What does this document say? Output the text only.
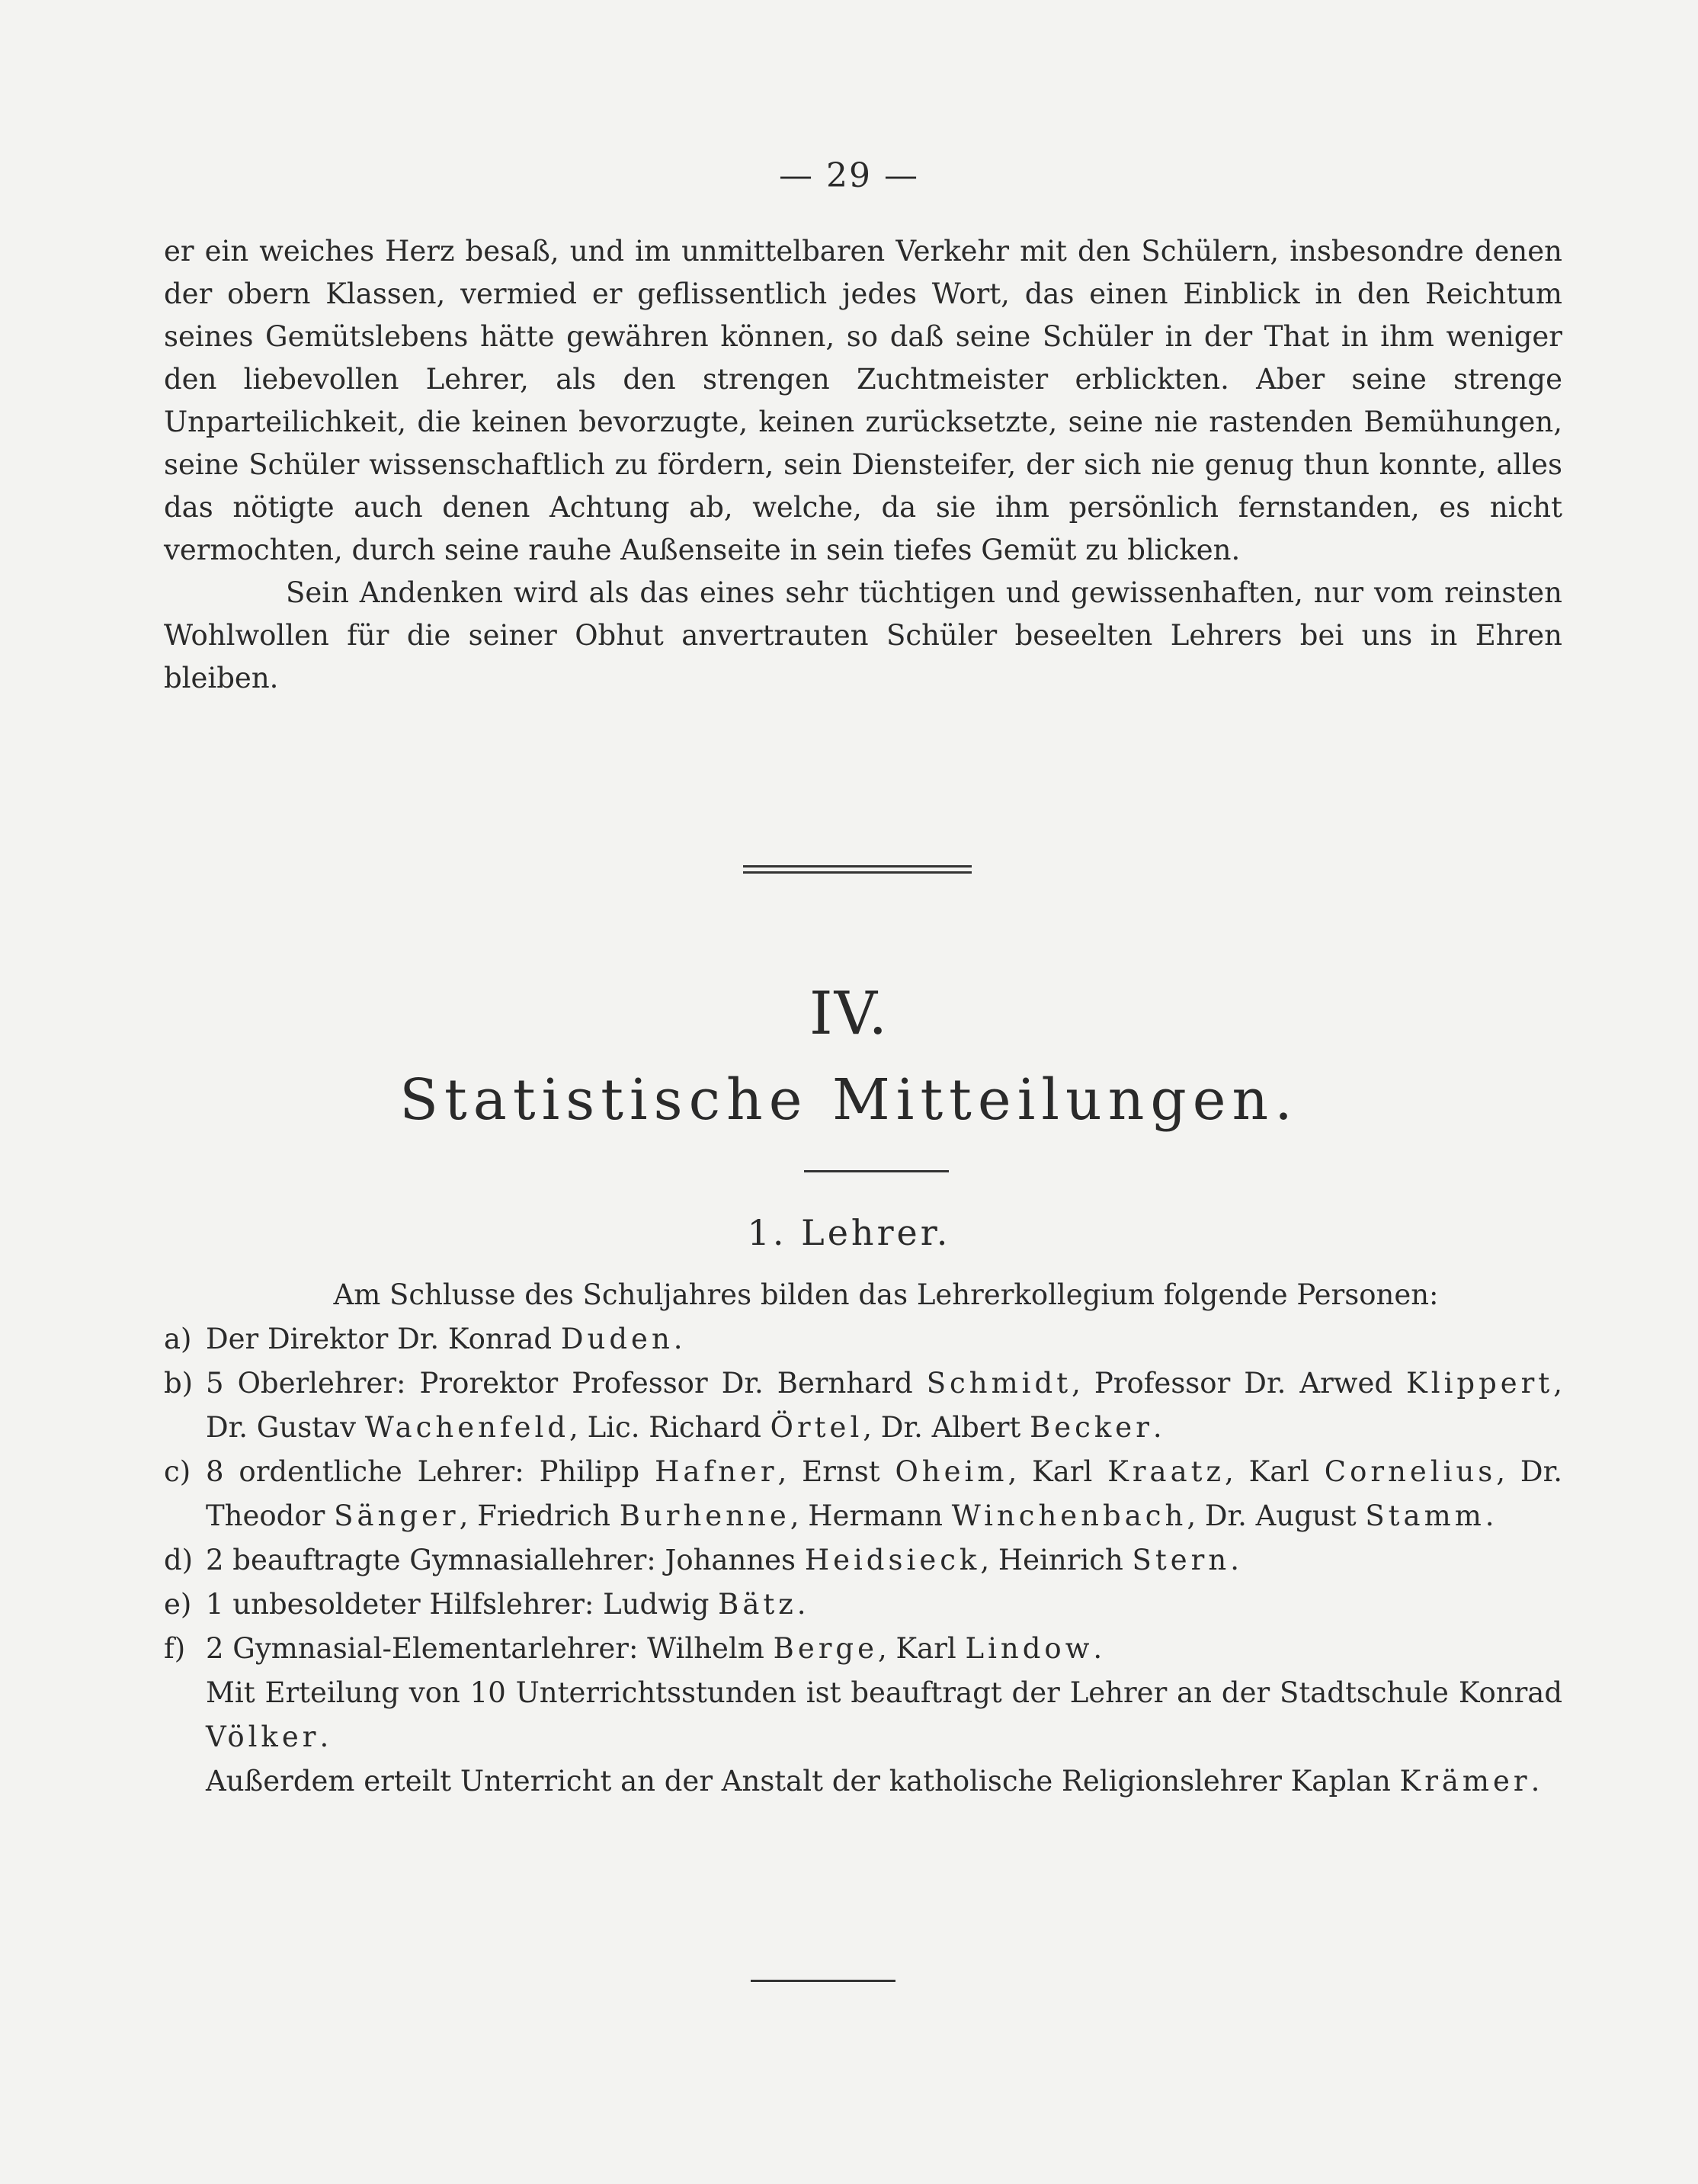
— 29 —

er ein weiches Herz besaß, und im unmittelbaren Verkehr mit den Schülern, insbesondre denen der obern Klassen, vermied er geflissentlich jedes Wort, das einen Einblick in den Reichtum seines Gemütslebens hätte gewähren können, so daß seine Schüler in der That in ihm weniger den liebevollen Lehrer, als den strengen Zuchtmeister erblickten. Aber seine strenge Unparteilichkeit, die keinen bevorzugte, keinen zurücksetzte, seine nie rastenden Bemühungen, seine Schüler wissenschaftlich zu fördern, sein Diensteifer, der sich nie genug thun konnte, alles das nötigte auch denen Achtung ab, welche, da sie ihm persönlich fernstanden, es nicht vermochten, durch seine rauhe Außenseite in sein tiefes Gemüt zu blicken.

Sein Andenken wird als das eines sehr tüchtigen und gewissenhaften, nur vom reinsten Wohlwollen für die seiner Obhut anvertrauten Schüler beseelten Lehrers bei uns in Ehren bleiben.

IV.
Statistische Mitteilungen.
1. Lehrer.

Am Schlusse des Schuljahres bilden das Lehrerkollegium folgende Personen:

a) Der Direktor Dr. Konrad Duden.
b) 5 Oberlehrer: Prorektor Professor Dr. Bernhard Schmidt, Professor Dr. Arwed Klippert, Dr. Gustav Wachenfeld, Lic. Richard Örtel, Dr. Albert Becker.
c) 8 ordentliche Lehrer: Philipp Hafner, Ernst Oheim, Karl Kraatz, Karl Cornelius, Dr. Theodor Sänger, Friedrich Burhenne, Hermann Winchenbach, Dr. August Stamm.
d) 2 beauftragte Gymnasiallehrer: Johannes Heidsieck, Heinrich Stern.
e) 1 unbesoldeter Hilfslehrer: Ludwig Bätz.
f) 2 Gymnasial-Elementarlehrer: Wilhelm Berge, Karl Lindow.

Mit Erteilung von 10 Unterrichtsstunden ist beauftragt der Lehrer an der Stadtschule Konrad Völker.

Außerdem erteilt Unterricht an der Anstalt der katholische Religionslehrer Kaplan Krämer.
